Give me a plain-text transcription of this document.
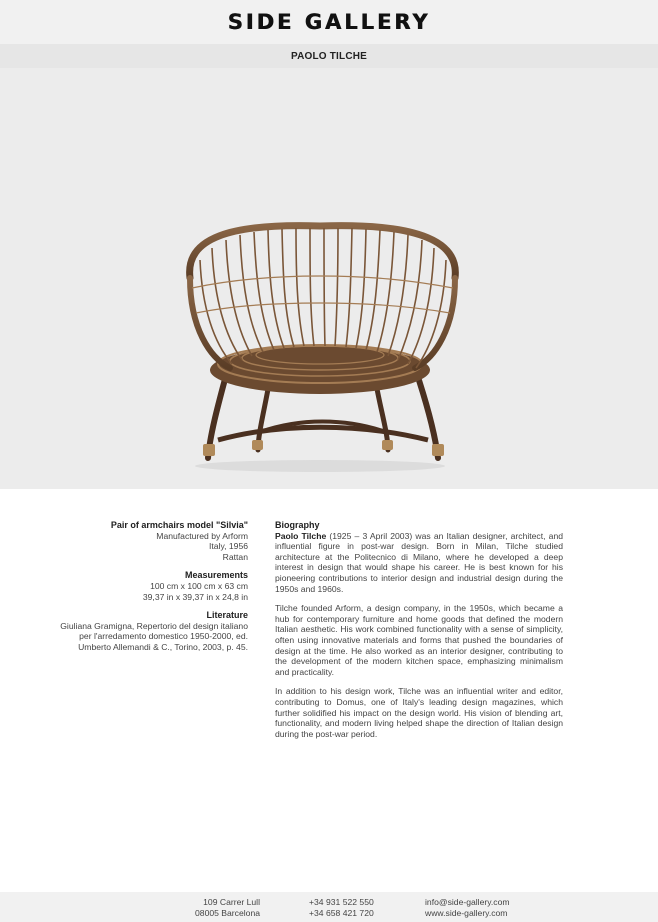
SIDE GALLERY
PAOLO TILCHE
Pair of armchairs model "Silvia"
Manufactured by Arform
Italy, 1956
Rattan
Measurements
100 cm x 100 cm x 63 cm
39,37 in x 39,37 in x 24,8 in
Literature
Giuliana Gramigna, Repertorio del design italiano per l'arredamento domestico 1950-2000, ed. Umberto Allemandi & C., Torino, 2003, p. 45.
Biography

Paolo Tilche (1925 – 3 April 2003) was an Italian designer, architect, and influential figure in post-war design. Born in Milan, Tilche studied architecture at the Politecnico di Milano, where he developed a deep interest in design that would shape his career. He is best known for his pioneering contributions to interior design and industrial design during the 1950s and 1960s.

Tilche founded Arform, a design company, in the 1950s, which became a hub for contemporary furniture and home goods that defined the modern Italian aesthetic. His work combined functionality with a sense of simplicity, often using innovative materials and forms that pushed the boundaries of design at the time. He also worked as an interior designer, contributing to the development of the modern kitchen space, emphasizing minimalism and practicality.

In addition to his design work, Tilche was an influential writer and editor, contributing to Domus, one of Italy's leading design magazines, which further solidified his impact on the design world. His vision of blending art, functionality, and modern living helped shape the direction of Italian design during the post-war period.

109 Carrer Lull
08005 Barcelona
+34 931 522 550
+34 658 421 720
info@side-gallery.com
www.side-gallery.com
